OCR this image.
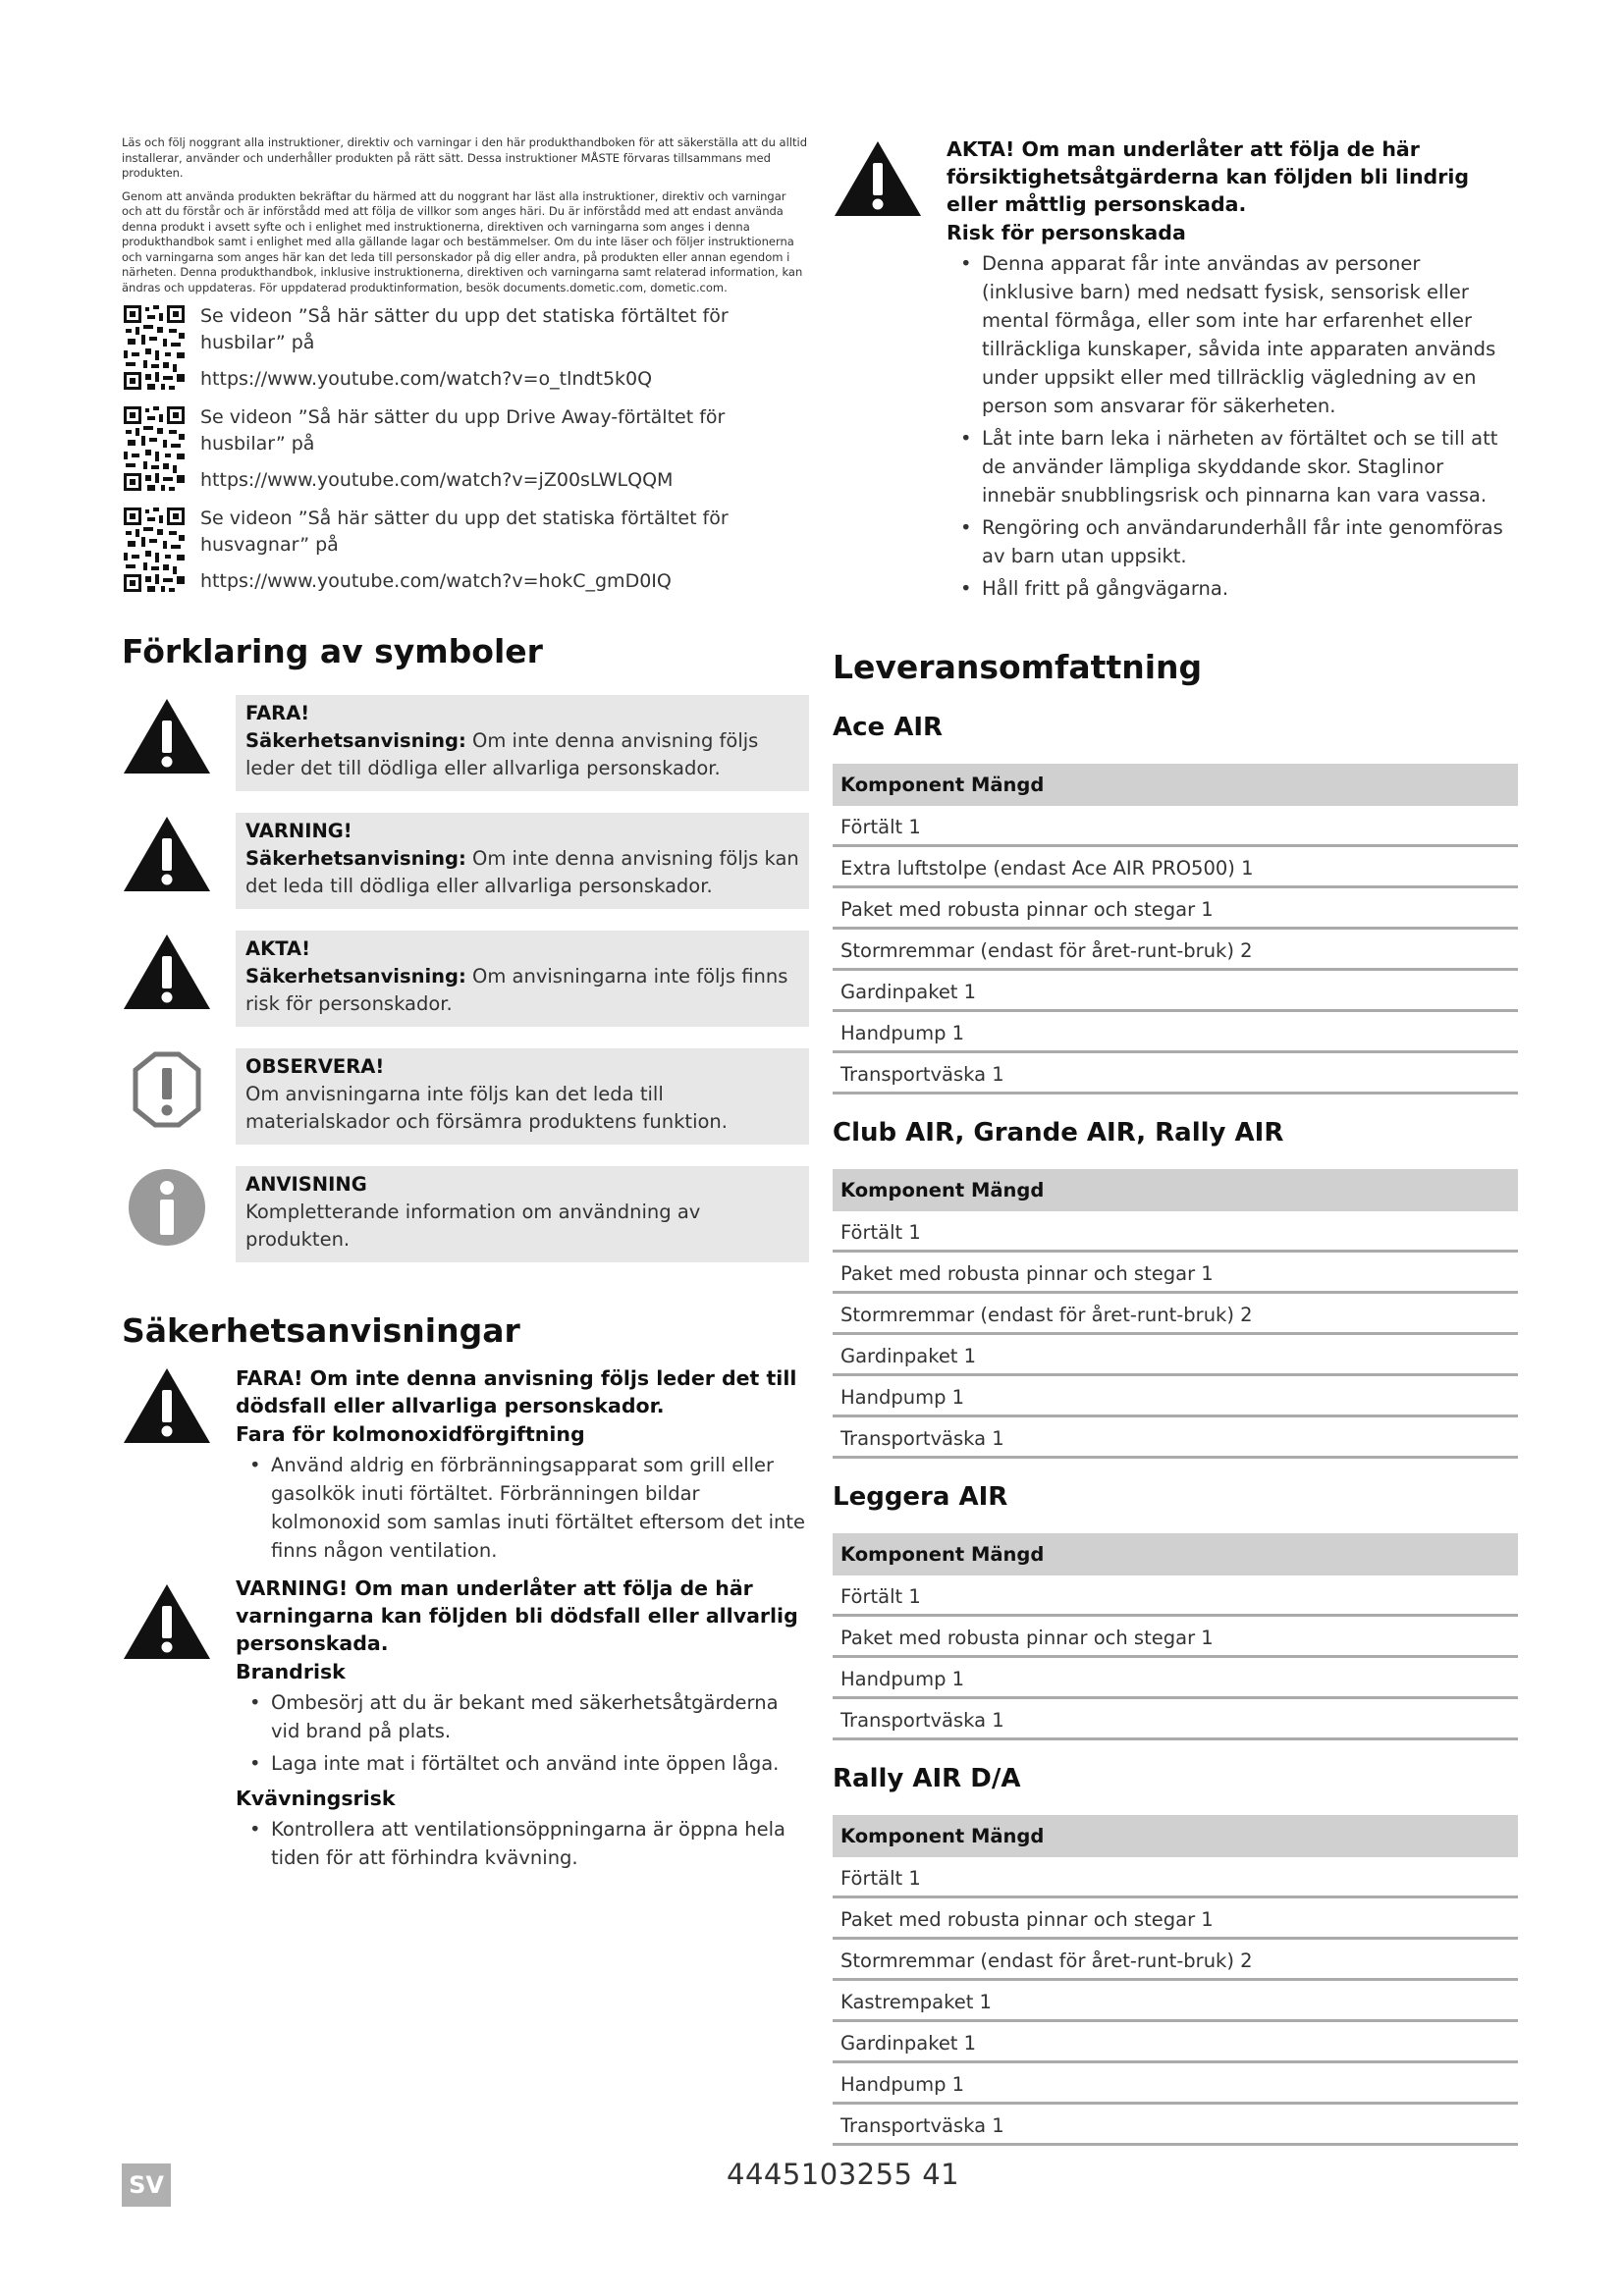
Läs och följ noggrant alla instruktioner, direktiv och varningar i den här produkthandboken för att säkerställa att du alltid installerar, använder och underhåller produkten på rätt sätt. Dessa instruktioner MÅSTE förvaras tillsammans med produkten.

Genom att använda produkten bekräftar du härmed att du noggrant har läst alla instruktioner, direktiv och varningar och att du förstår och är införstådd med att följa de villkor som anges häri. Du är införstådd med att endast använda denna produkt i avsett syfte och i enlighet med instruktionerna, direktiven och varningarna som anges i denna produkthandbok samt i enlighet med alla gällande lagar och bestämmelser. Om du inte läser och följer instruktionerna och varningarna som anges här kan det leda till personskador på dig eller andra, på produkten eller annan egendom i närheten. Denna produkthandbok, inklusive instruktionerna, direktiven och varningarna samt relaterad information, kan ändras och uppdateras. För uppdaterad produktinformation, besök documents.dometic.com, dometic.com.

Se videon ”Så här sätter du upp det statiska förtältet för husbilar” på
https://www.youtube.com/watch?v=o_tlndt5k0Q
Se videon ”Så här sätter du upp Drive Away-förtältet för husbilar” på
https://www.youtube.com/watch?v=jZ00sLWLQQM
Se videon ”Så här sätter du upp det statiska förtältet för husvagnar” på
https://www.youtube.com/watch?v=hokC_gmD0IQ
Förklaring av symboler
FARA!
Säkerhetsanvisning: Om inte denna anvisning följs leder det till dödliga eller allvarliga personskador.
VARNING!
Säkerhetsanvisning: Om inte denna anvisning följs kan det leda till dödliga eller allvarliga personskador.
AKTA!
Säkerhetsanvisning: Om anvisningarna inte följs finns risk för personskador.
OBSERVERA!
Om anvisningarna inte följs kan det leda till materialskador och försämra produktens funktion.
ANVISNING
Kompletterande information om användning av produkten.
Säkerhetsanvisningar
FARA! Om inte denna anvisning följs leder det till dödsfall eller allvarliga personskador.
Fara för kolmonoxidförgiftning
• Använd aldrig en förbränningsapparat som grill eller gasolkök inuti förtältet. Förbränningen bildar kolmonoxid som samlas inuti förtältet eftersom det inte finns någon ventilation.
VARNING! Om man underlåter att följa de här varningarna kan följden bli dödsfall eller allvarlig personskada.
Brandrisk
• Ombesörj att du är bekant med säkerhetsåtgärderna vid brand på plats.
• Laga inte mat i förtältet och använd inte öppen låga.
Kvävningsrisk
• Kontrollera att ventilationsöppningarna är öppna hela tiden för att förhindra kvävning.
AKTA! Om man underlåter att följa de här försiktighetsåtgärderna kan följden bli lindrig eller måttlig personskada.
Risk för personskada
• Denna apparat får inte användas av personer (inklusive barn) med nedsatt fysisk, sensorisk eller mental förmåga, eller som inte har erfarenhet eller tillräckliga kunskaper, såvida inte apparaten används under uppsikt eller med tillräcklig vägledning av en person som ansvarar för säkerheten.
• Låt inte barn leka i närheten av förtältet och se till att de använder lämpliga skyddande skor. Staglinor innebär snubblingsrisk och pinnarna kan vara vassa.
• Rengöring och användarunderhåll får inte genomföras av barn utan uppsikt.
• Håll fritt på gångvägarna.
Leveransomfattning
Ace AIR
Komponent Mängd
Förtält 1
Extra luftstolpe (endast Ace AIR PRO500) 1
Paket med robusta pinnar och stegar 1
Stormremmar (endast för året-runt-bruk) 2
Gardinpaket 1
Handpump 1
Transportväska 1
Club AIR, Grande AIR, Rally AIR
Komponent Mängd
Förtält 1
Paket med robusta pinnar och stegar 1
Stormremmar (endast för året-runt-bruk) 2
Gardinpaket 1
Handpump 1
Transportväska 1
Leggera AIR
Komponent Mängd
Förtält 1
Paket med robusta pinnar och stegar 1
Handpump 1
Transportväska 1
Rally AIR D/A
Komponent Mängd
Förtält 1
Paket med robusta pinnar och stegar 1
Stormremmar (endast för året-runt-bruk) 2
Kastrempaket 1
Gardinpaket 1
Handpump 1
Transportväska 1
SV	4445103255 41
